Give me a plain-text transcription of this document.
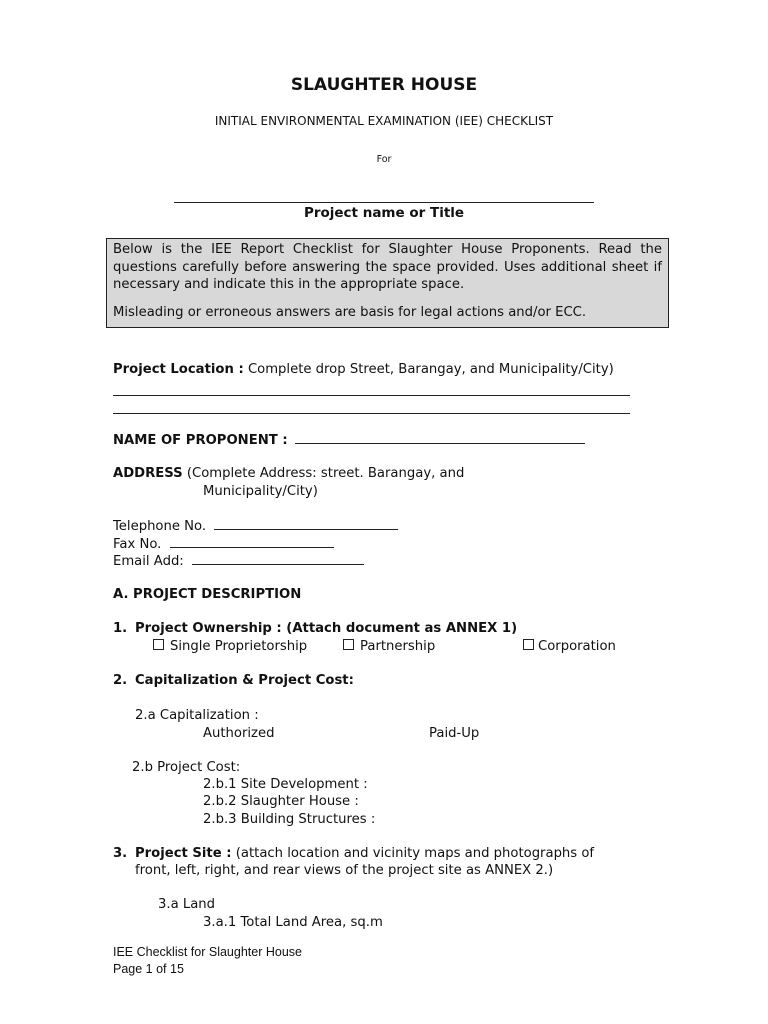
SLAUGHTER HOUSE
INITIAL ENVIRONMENTAL EXAMINATION (IEE) CHECKLIST
For
Project name or Title

Below is the IEE Report Checklist for Slaughter House Proponents. Read the questions carefully before answering the space provided. Uses additional sheet if necessary and indicate this in the appropriate space.

Misleading or erroneous answers are basis for legal actions and/or ECC.

Project Location : Complete drop Street, Barangay, and Municipality/City)
NAME OF PROPONENT :
ADDRESS (Complete Address: street. Barangay, and
Municipality/City)
Telephone No.
Fax No.
Email Add:
A. PROJECT DESCRIPTION
1. Project Ownership : (Attach document as ANNEX 1)
Single Proprietorship	Partnership	Corporation
2. Capitalization & Project Cost:
2.a Capitalization :
Authorized	Paid-Up
2.b Project Cost:
2.b.1 Site Development :
2.b.2 Slaughter House :
2.b.3 Building Structures :
3. Project Site : (attach location and vicinity maps and photographs of
front, left, right, and rear views of the project site as ANNEX 2.)
3.a Land
3.a.1 Total Land Area, sq.m
IEE Checklist for Slaughter House
Page 1 of 15
